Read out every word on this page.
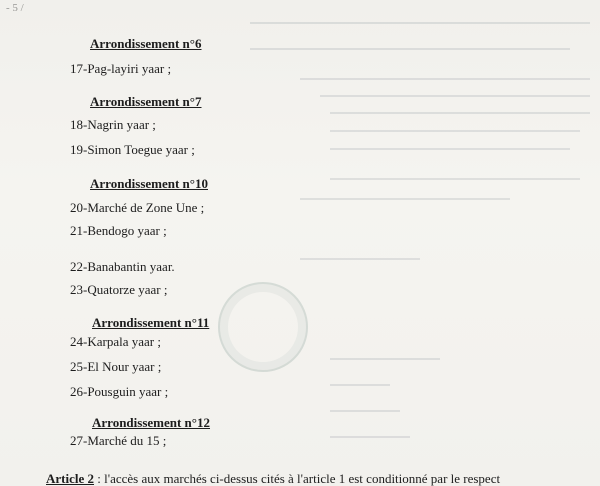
- 5 /
Arrondissement n°6
17-Pag-layiri yaar ;
Arrondissement n°7
18-Nagrin yaar ;
19-Simon Toegue yaar ;
Arrondissement n°10
20-Marché de Zone Une ;
21-Bendogo yaar ;
22-Banabantin yaar.
23-Quatorze yaar ;
Arrondissement n°11
24-Karpala yaar ;
25-El Nour yaar ;
26-Pousguin yaar ;
Arrondissement n°12
27-Marché du 15 ;
Article 2 : l'accès aux marchés ci-dessus cités à l'article 1 est conditionné par le respect
